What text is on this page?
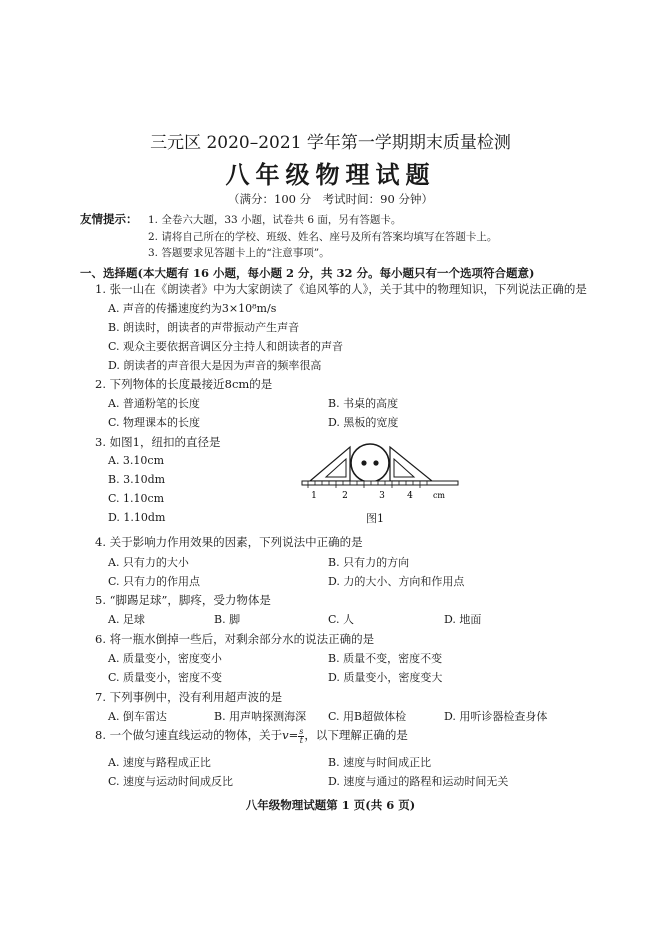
三元区 2020–2021 学年第一学期期末质量检测
八年级物理试题
（满分：100 分　考试时间：90 分钟）
友情提示： 1. 全卷六大题，33 小题，试卷共 6 面，另有答题卡。
2. 请将自己所在的学校、班级、姓名、座号及所有答案均填写在答题卡上。
3. 答题要求见答题卡上的“注意事项”。
一、选择题(本大题有 16 小题，每小题 2 分，共 32 分。每小题只有一个选项符合题意)
1. 张一山在《朗读者》中为大家朗读了《追风筝的人》，关于其中的物理知识，下列说法正确的是
A. 声音的传播速度约为3×10⁸m/s
B. 朗读时，朗读者的声带振动产生声音
C. 观众主要依据音调区分主持人和朗读者的声音
D. 朗读者的声音很大是因为声音的频率很高
2. 下列物体的长度最接近8cm的是
A. 普通粉笔的长度	B. 书桌的高度
C. 物理课本的长度	D. 黑板的宽度
3. 如图1，纽扣的直径是
A. 3.10cm
B. 3.10dm
C. 1.10cm
D. 1.10dm
1	2	3 4	cm
图1
4. 关于影响力作用效果的因素，下列说法中正确的是
A. 只有力的大小	B. 只有力的方向
C. 只有力的作用点	D. 力的大小、方向和作用点
5. “脚踢足球”，脚疼，受力物体是
A. 足球	B. 脚	C. 人	D. 地面
6. 将一瓶水倒掉一些后，对剩余部分水的说法正确的是
A. 质量变小，密度变小	B. 质量不变，密度不变
C. 质量变小，密度不变	D. 质量变小，密度变大
7. 下列事例中，没有利用超声波的是
A. 倒车雷达	B. 用声呐探测海深 C. 用B超做体检	D. 用听诊器检查身体
8. 一个做匀速直线运动的物体，关于$v= \frac{s}{t}$ ，以下理解正确的是
A. 速度与路程成正比	B. 速度与时间成正比
C. 速度与运动时间成反比	D. 速度与通过的路程和运动时间无关
八年级物理试题第 1 页(共 6 页)
